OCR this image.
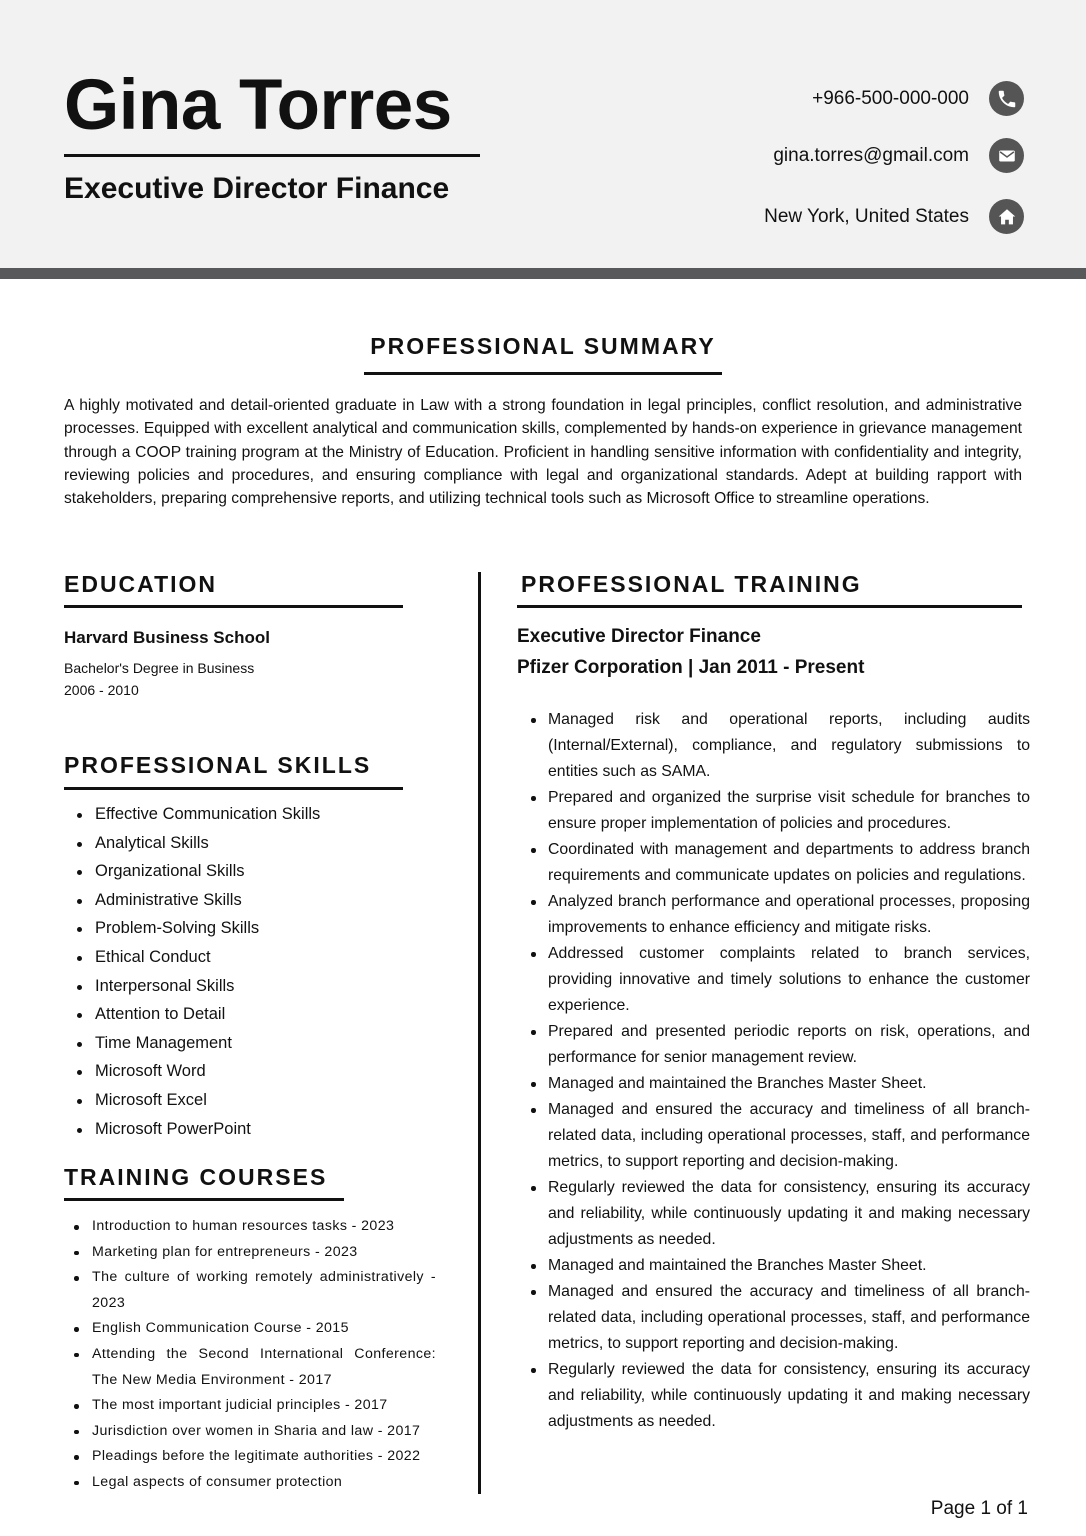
Gina Torres
Executive Director Finance
+966-500-000-000
gina.torres@gmail.com
New York, United States
PROFESSIONAL SUMMARY

A highly motivated and detail-oriented graduate in Law with a strong foundation in legal principles, conflict resolution, and administrative processes. Equipped with excellent analytical and communication skills, complemented by hands-on experience in grievance management through a COOP training program at the Ministry of Education. Proficient in handling sensitive information with confidentiality and integrity, reviewing policies and procedures, and ensuring compliance with legal and organizational standards. Adept at building rapport with stakeholders, preparing comprehensive reports, and utilizing technical tools such as Microsoft Office to streamline operations.

EDUCATION
Harvard Business School
Bachelor's Degree in Business
2006 - 2010
PROFESSIONAL SKILLS
Effective Communication Skills
Analytical Skills
Organizational Skills
Administrative Skills
Problem-Solving Skills
Ethical Conduct
Interpersonal Skills
Attention to Detail
Time Management
Microsoft Word
Microsoft Excel
Microsoft PowerPoint
TRAINING COURSES
Introduction to human resources tasks - 2023
Marketing plan for entrepreneurs - 2023
The culture of working remotely administratively - 2023
English Communication Course - 2015
Attending the Second International Conference: The New Media Environment - 2017
The most important judicial principles - 2017
Jurisdiction over women in Sharia and law - 2017
Pleadings before the legitimate authorities - 2022
Legal aspects of consumer protection
PROFESSIONAL TRAINING
Executive Director Finance
Pfizer Corporation | Jan 2011 - Present
Managed risk and operational reports, including audits (Internal/External), compliance, and regulatory submissions to entities such as SAMA.
Prepared and organized the surprise visit schedule for branches to ensure proper implementation of policies and procedures.
Coordinated with management and departments to address branch requirements and communicate updates on policies and regulations.
Analyzed branch performance and operational processes, proposing improvements to enhance efficiency and mitigate risks.
Addressed customer complaints related to branch services, providing innovative and timely solutions to enhance the customer experience.
Prepared and presented periodic reports on risk, operations, and performance for senior management review.
Managed and maintained the Branches Master Sheet.
Managed and ensured the accuracy and timeliness of all branch-related data, including operational processes, staff, and performance metrics, to support reporting and decision-making.
Regularly reviewed the data for consistency, ensuring its accuracy and reliability, while continuously updating it and making necessary adjustments as needed.
Managed and maintained the Branches Master Sheet.
Managed and ensured the accuracy and timeliness of all branch-related data, including operational processes, staff, and performance metrics, to support reporting and decision-making.
Regularly reviewed the data for consistency, ensuring its accuracy and reliability, while continuously updating it and making necessary adjustments as needed.
Page 1 of 1
